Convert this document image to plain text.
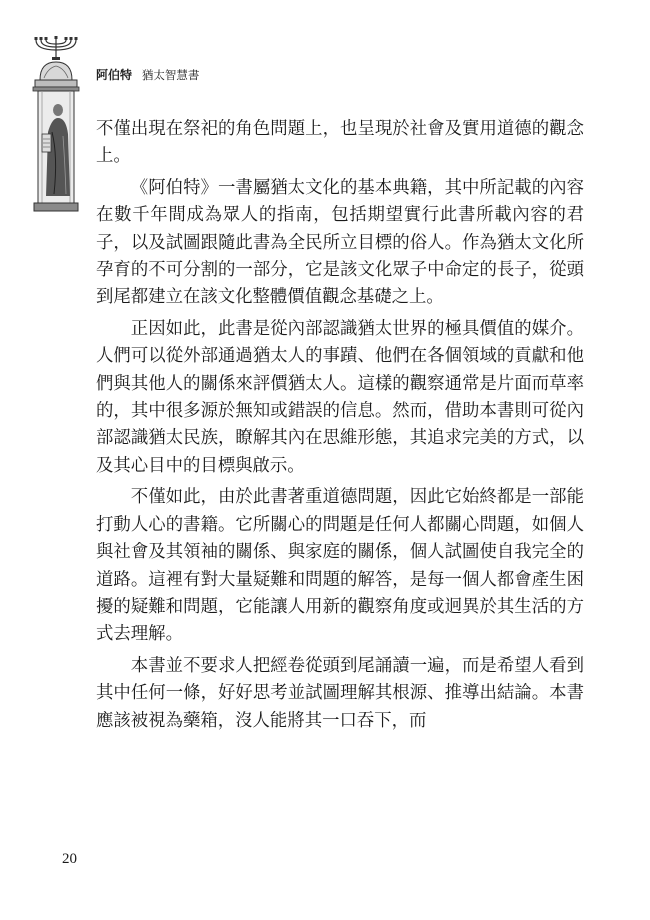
阿伯特 猶太智慧書

不僅出現在祭祀的角色問題上，也呈現於社會及實用道德的觀念上。

《阿伯特》一書屬猶太文化的基本典籍，其中所記載的內容在數千年間成為眾人的指南，包括期望實行此書所載內容的君子，以及試圖跟隨此書為全民所立目標的俗人。作為猶太文化所孕育的不可分割的一部分，它是該文化眾子中命定的長子，從頭到尾都建立在該文化整體價值觀念基礎之上。

正因如此，此書是從內部認識猶太世界的極具價值的媒介。人們可以從外部通過猶太人的事蹟、他們在各個領域的貢獻和他們與其他人的關係來評價猶太人。這樣的觀察通常是片面而草率的，其中很多源於無知或錯誤的信息。然而，借助本書則可從內部認識猶太民族，瞭解其內在思維形態，其追求完美的方式，以及其心目中的目標與啟示。

不僅如此，由於此書著重道德問題，因此它始終都是一部能打動人心的書籍。它所關心的問題是任何人都關心問題，如個人與社會及其領袖的關係、與家庭的關係，個人試圖使自我完全的道路。這裡有對大量疑難和問題的解答，是每一個人都會產生困擾的疑難和問題，它能讓人用新的觀察角度或迥異於其生活的方式去理解。

本書並不要求人把經卷從頭到尾誦讀一遍，而是希望人看到其中任何一條，好好思考並試圖理解其根源、推導出結論。本書應該被視為藥箱，沒人能將其一口吞下，而

20
